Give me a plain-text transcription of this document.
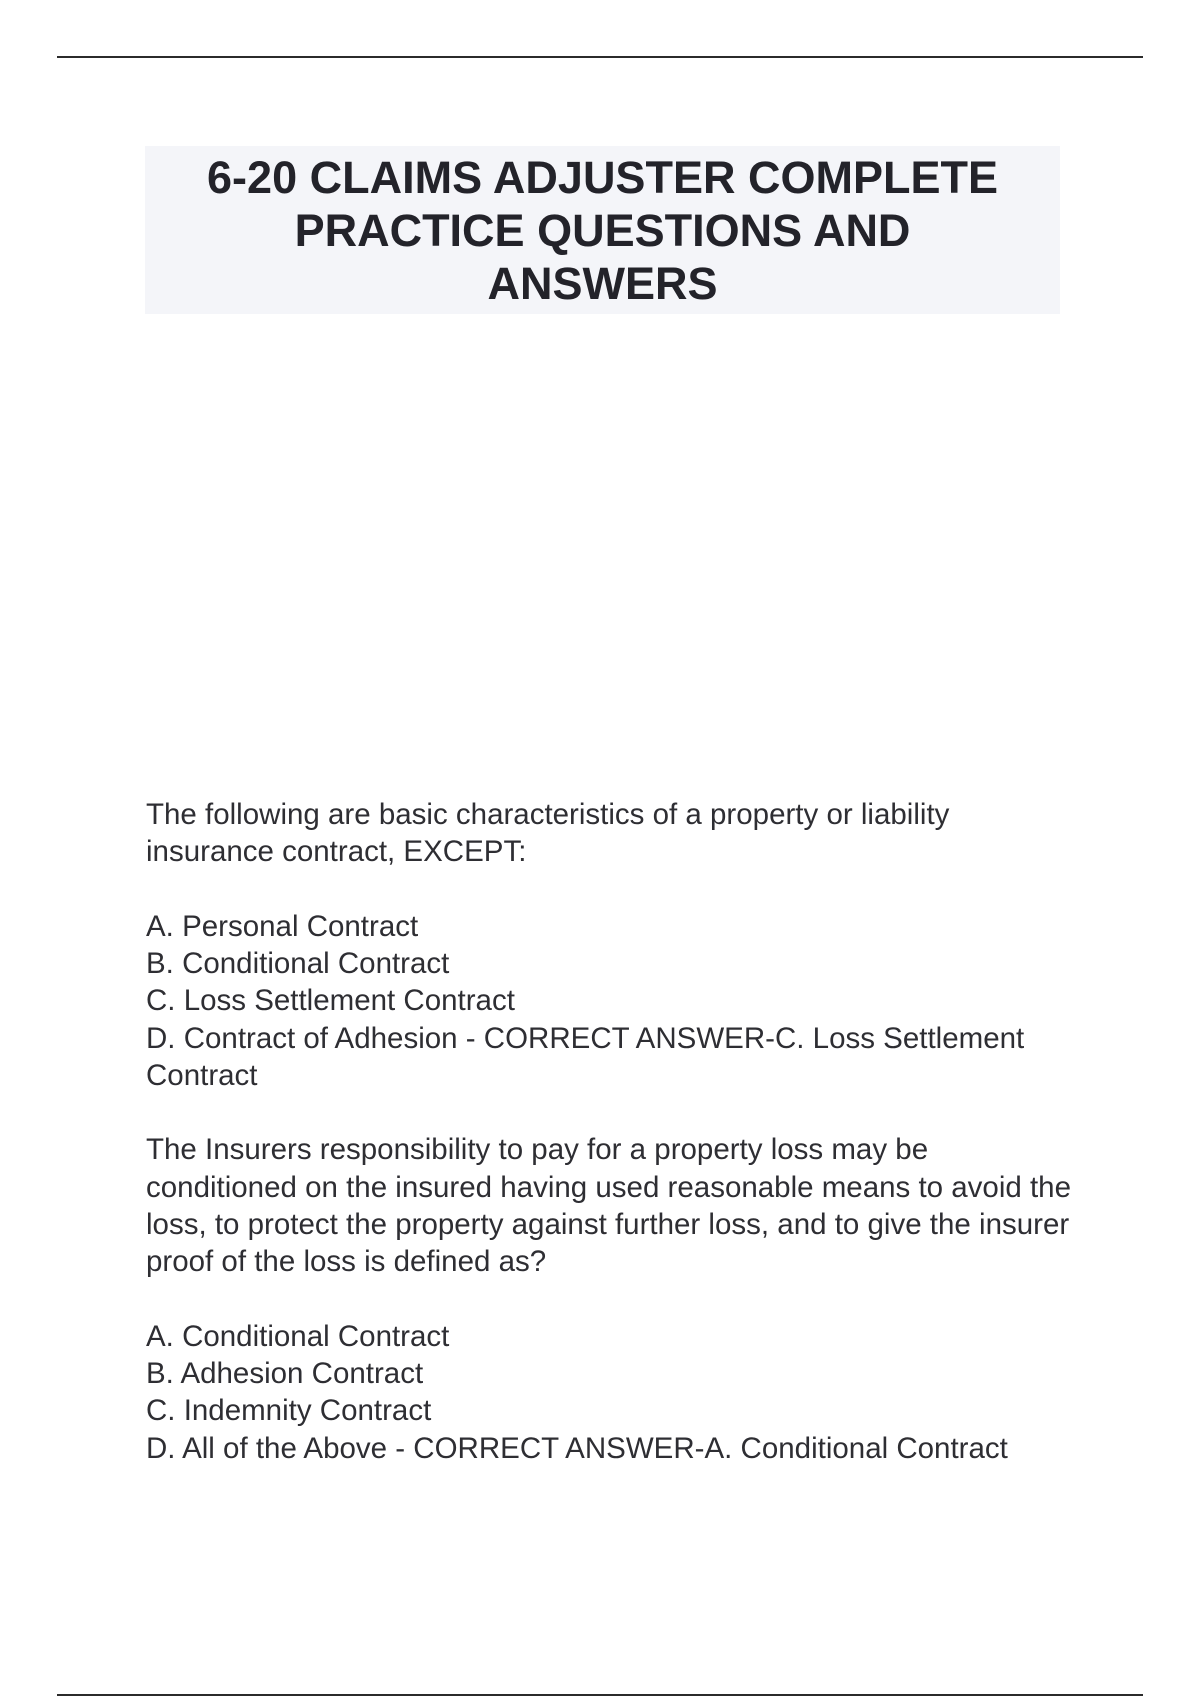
6-20 CLAIMS ADJUSTER COMPLETE
PRACTICE QUESTIONS AND
ANSWERS

The following are basic characteristics of a property or liability insurance contract, EXCEPT:

A. Personal Contract
B. Conditional Contract
C. Loss Settlement Contract
D. Contract of Adhesion - CORRECT ANSWER-C. Loss Settlement Contract

The Insurers responsibility to pay for a property loss may be conditioned on the insured having used reasonable means to avoid the loss, to protect the property against further loss, and to give the insurer proof of the loss is defined as?

A. Conditional Contract
B. Adhesion Contract
C. Indemnity Contract
D. All of the Above - CORRECT ANSWER-A. Conditional Contract
